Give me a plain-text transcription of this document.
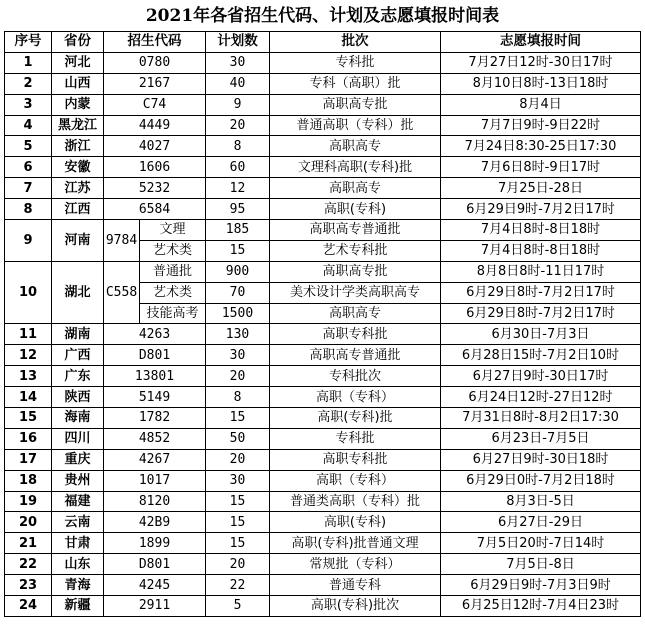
2021年各省招生代码、计划及志愿填报时间表
序号	省份	招生代码		计划数	批次	志愿填报时间
1	河北	0780		30	专科批	7月27日12时-30日17时
2	山西	2167		40	专科（高职）批	8月10日8时-13日18时
3	内蒙	C74		9	高职高专批	8月4日
4	黑龙江	4449		20	普通高职（专科）批	7月7日9时-9日22时
5	浙江	4027		8	高职高专	7月24日8:30-25日17:30
6	安徽	1606		60	文理科高职(专科)批	7月6日8时-9日17时
7	江苏	5232		12	高职高专	7月25日-28日
8	江西	6584		95	高职(专科)	6月29日9时-7月2日17时
9	河南	9784	文理	185	高职高专普通批	7月4日8时-8日18时
			艺术类	15	艺术专科批	7月4日8时-8日18时
10	湖北	C558	普通批	900	高职高专批	8月8日8时-11日17时
			艺术类	70	美术设计学类高职高专	6月29日8时-7月2日17时
			技能高考	1500	高职高专	6月29日8时-7月2日17时
11	湖南	4263		130	高职专科批	6月30日-7月3日
12	广西	D801		30	高职高专普通批	6月28日15时-7月2日10时
13	广东	13801		20	专科批次	6月27日9时-30日17时
14	陕西	5149		8	高职（专科）	6月24日12时-27日12时
15	海南	1782		15	高职(专科)批	7月31日8时-8月2日17:30
16	四川	4852		50	专科批	6月23日-7月5日
17	重庆	4267		20	高职专科批	6月27日9时-30日18时
18	贵州	1017		30	高职（专科）	6月29日0时-7月2日18时
19	福建	8120		15	普通类高职（专科）批	8月3日-5日
20	云南	42B9		15	高职(专科)	6月27日-29日
21	甘肃	1899		15	高职(专科)批普通文理	7月5日20时-7日14时
22	山东	D801		20	常规批（专科）	7月5日-8日
23	青海	4245		22	普通专科	6月29日9时-7月3日9时
24	新疆	2911		5	高职(专科)批次	6月25日12时-7月4日23时
